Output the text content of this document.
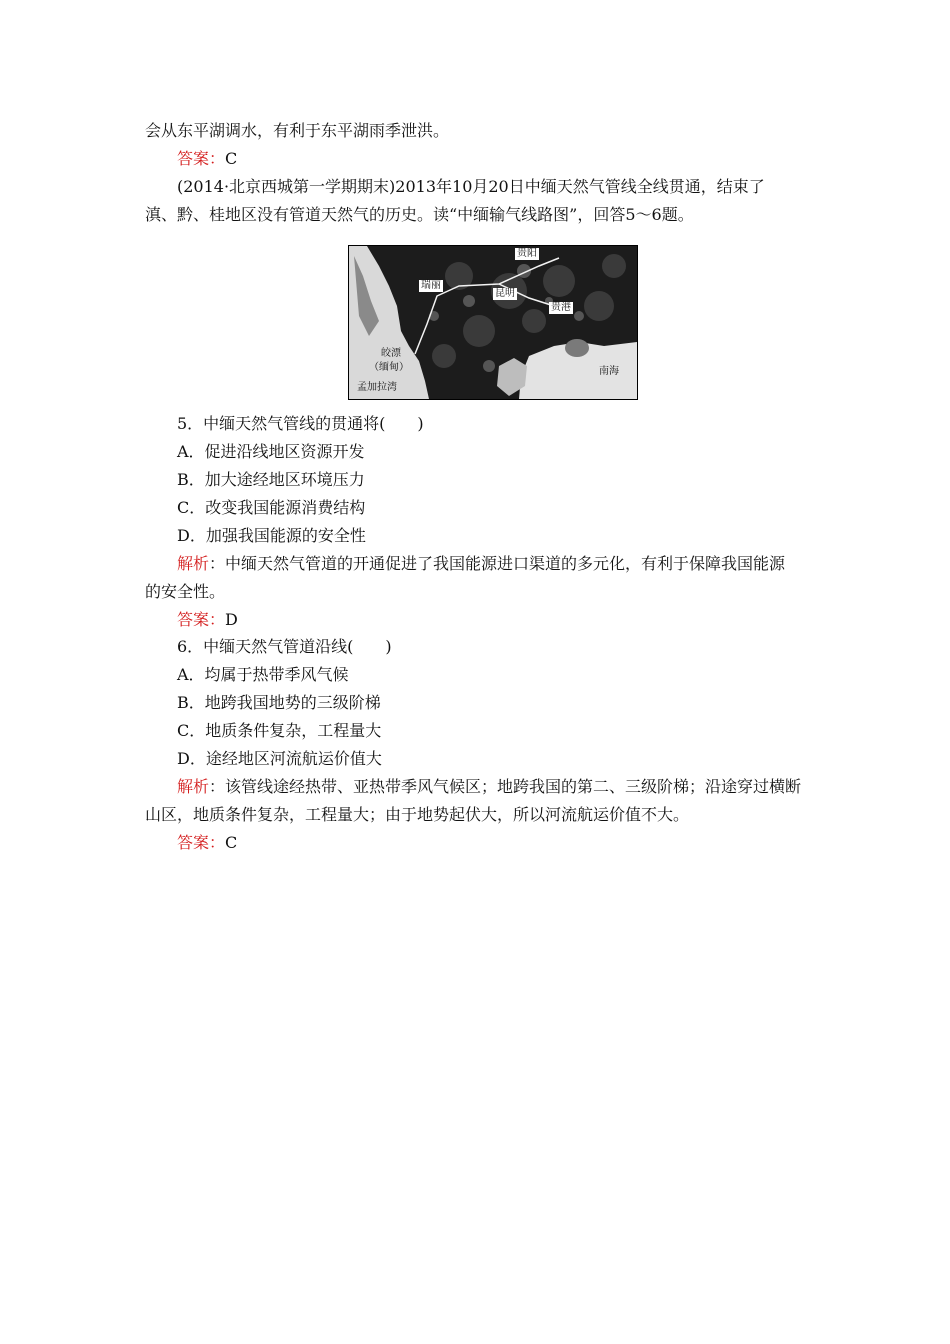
会从东平湖调水，有利于东平湖雨季泄洪。
答案：C
(2014·北京西城第一学期期末)2013年10月20日中缅天然气管线全线贯通，结束了
滇、黔、桂地区没有管道天然气的历史。读“中缅输气线路图”，回答5～6题。
贵阳
瑞丽
昆明
贵港
皎漂
（缅甸）	南海
孟加拉湾
5．中缅天然气管线的贯通将(　　)
A．促进沿线地区资源开发
B．加大途经地区环境压力
C．改变我国能源消费结构
D．加强我国能源的安全性
解析：中缅天然气管道的开通促进了我国能源进口渠道的多元化，有利于保障我国能源
的安全性。
答案：D
6．中缅天然气管道沿线(　　)
A．均属于热带季风气候
B．地跨我国地势的三级阶梯
C．地质条件复杂，工程量大
D．途经地区河流航运价值大
解析：该管线途经热带、亚热带季风气候区；地跨我国的第二、三级阶梯；沿途穿过横断
山区，地质条件复杂，工程量大；由于地势起伏大，所以河流航运价值不大。
答案：C
